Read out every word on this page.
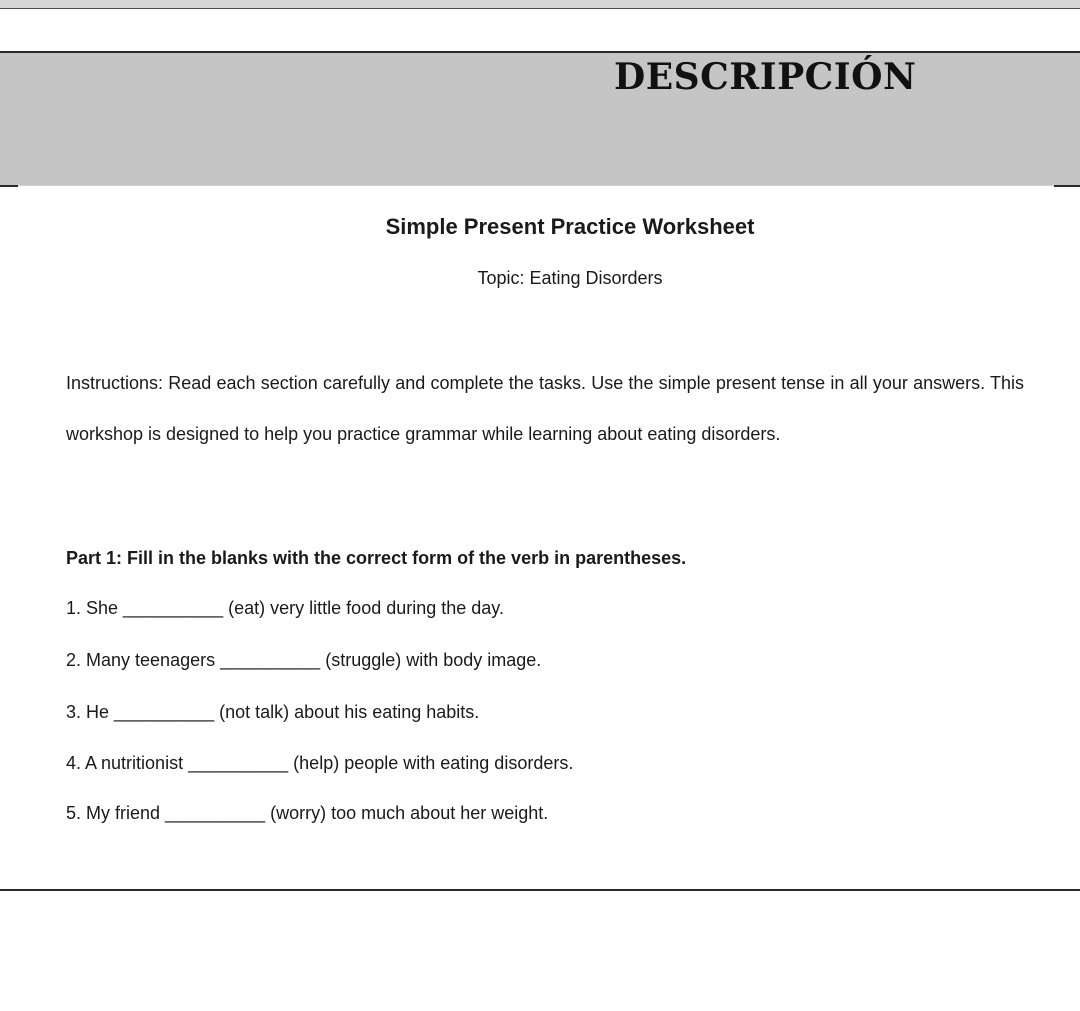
DESCRIPCIÓN
Simple Present Practice Worksheet
Topic: Eating Disorders
Instructions: Read each section carefully and complete the tasks. Use the simple present tense in all your answers. This workshop is designed to help you practice grammar while learning about eating disorders.
Part 1: Fill in the blanks with the correct form of the verb in parentheses.
1. She __________ (eat) very little food during the day.
2. Many teenagers __________ (struggle) with body image.
3. He __________ (not talk) about his eating habits.
4. A nutritionist __________ (help) people with eating disorders.
5. My friend __________ (worry) too much about her weight.
